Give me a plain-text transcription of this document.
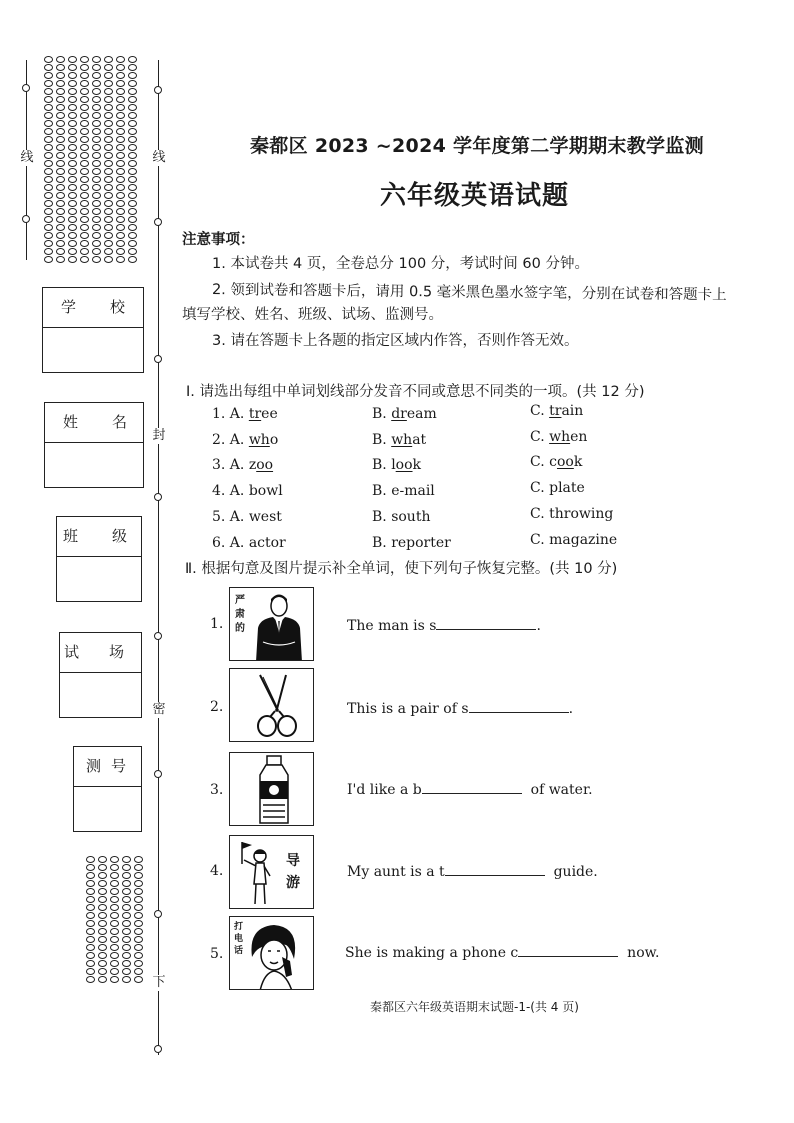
线	线
封
密
下
学校
姓名
班级
试场
测号
秦都区 2023 ~2024 学年度第二学期期末教学监测
六年级英语试题
注意事项：
1. 本试卷共 4 页，全卷总分 100 分，考试时间 60 分钟。
2. 领到试卷和答题卡后，请用 0.5 毫米黑色墨水签字笔，分别在试卷和答题卡上
填写学校、姓名、班级、试场、监测号。
3. 请在答题卡上各题的指定区域内作答，否则作答无效。
Ⅰ. 请选出每组中单词划线部分发音不同或意思不同类的一项。(共 12 分)
1. A. tree	B. dream	C. train
2. A. who	B. what	C. when
3. A. zoo	B. look	C. cook
4. A. bowl	B. e-mail	C. plate
5. A. west	B. south	C. throwing
6. A. actor	B. reporter	C. magazine
Ⅱ. 根据句意及图片提示补全单词，使下列句子恢复完整。(共 10 分)
1.
严肃的	The man is s	.
2.	This is a pair of s	.
3.	I'd like a b	of water.
4.
导游
My aunt is a t	guide.
5.
打电话	She is making a phone c	now.
秦都区六年级英语期末试题-1-(共 4 页)
